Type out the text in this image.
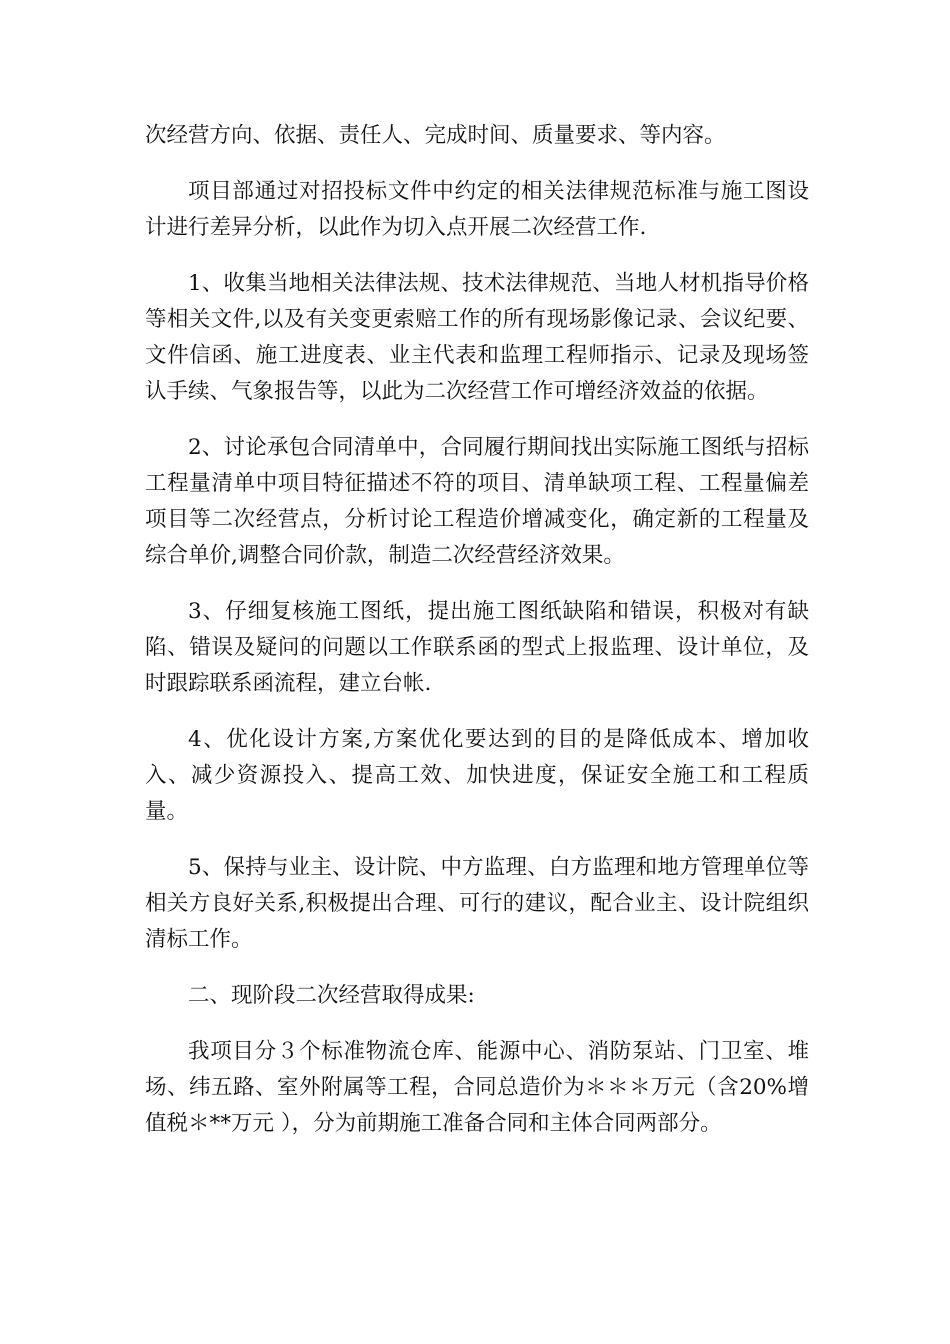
次经营方向、依据、责任人、完成时间、质量要求、等内容。

项目部通过对招投标文件中约定的相关法律规范标准与施工图设计进行差异分析，以此作为切入点开展二次经营工作.

1、收集当地相关法律法规、技术法律规范、当地人材机指导价格等相关文件,以及有关变更索赔工作的所有现场影像记录、会议纪要、文件信函、施工进度表、业主代表和监理工程师指示、记录及现场签认手续、气象报告等，以此为二次经营工作可增经济效益的依据。

2、讨论承包合同清单中，合同履行期间找出实际施工图纸与招标工程量清单中项目特征描述不符的项目、清单缺项工程、工程量偏差项目等二次经营点，分析讨论工程造价增减变化，确定新的工程量及综合单价,调整合同价款，制造二次经营经济效果。

3、仔细复核施工图纸，提出施工图纸缺陷和错误，积极对有缺陷、错误及疑问的问题以工作联系函的型式上报监理、设计单位，及时跟踪联系函流程，建立台帐.

4、优化设计方案,方案优化要达到的目的是降低成本、增加收入、减少资源投入、提高工效、加快进度，保证安全施工和工程质量。

5、保持与业主、设计院、中方监理、白方监理和地方管理单位等相关方良好关系,积极提出合理、可行的建议，配合业主、设计院组织清标工作。

二、现阶段二次经营取得成果:

我项目分３个标准物流仓库、能源中心、消防泵站、门卫室、堆场、纬五路、室外附属等工程，合同总造价为＊＊＊万元（含20%增值税＊**万元 ），分为前期施工准备合同和主体合同两部分。
